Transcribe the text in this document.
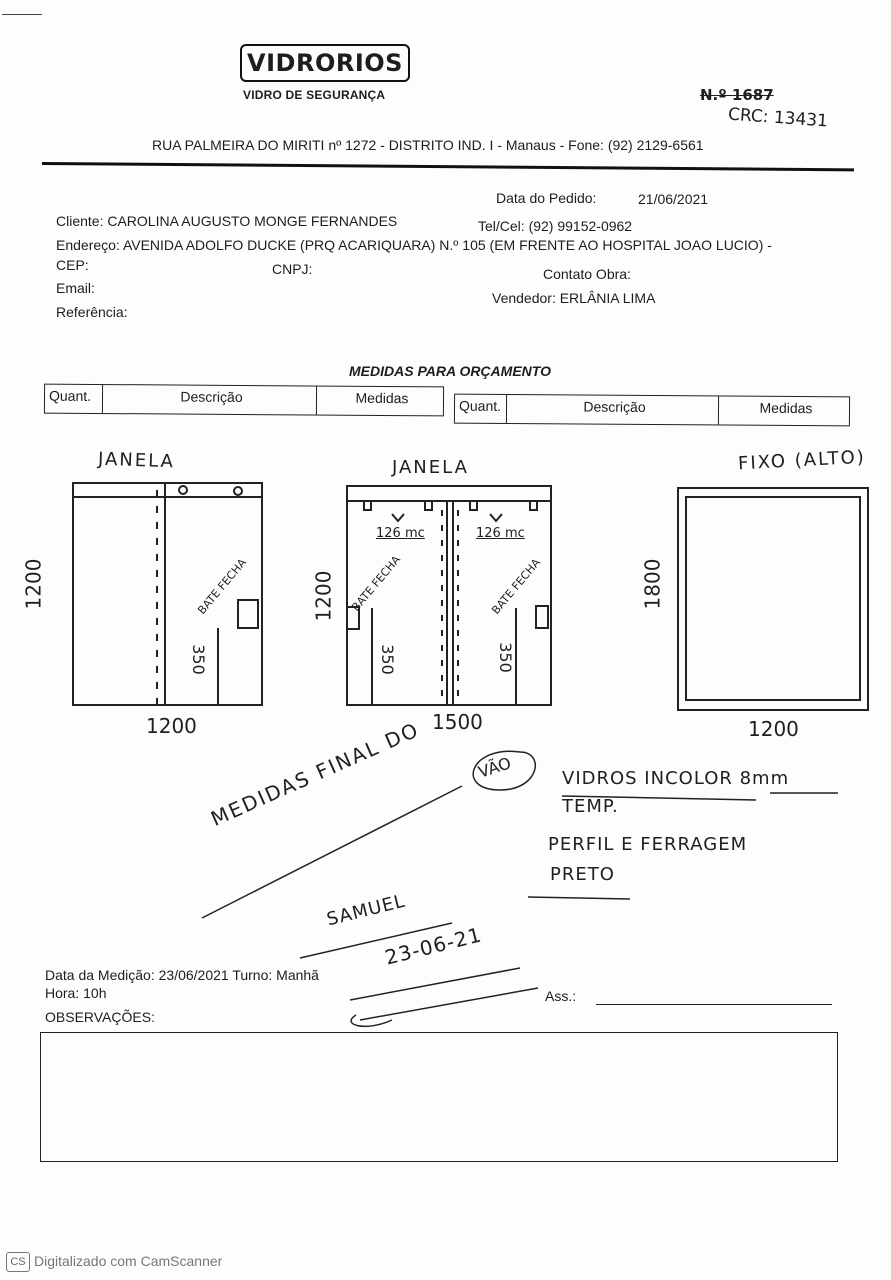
VIDRORIOS
VIDRO DE SEGURANÇA	N.º 1687
CRC: 13431
RUA PALMEIRA DO MIRITI nº 1272 - DISTRITO IND. I - Manaus - Fone: (92) 2129-6561
Data do Pedido:	21/06/2021
Cliente: CAROLINA AUGUSTO MONGE FERNANDES	Tel/Cel: (92) 99152-0962
Endereço: AVENIDA ADOLFO DUCKE (PRQ ACARIQUARA) N.º 105 (EM FRENTE AO HOSPITAL JOAO LUCIO) -
CEP:	CNPJ:	Contato Obra:
Email:
Vendedor: ERLÂNIA LIMA
Referência:
MEDIDAS PARA ORÇAMENTO
Quant.	Descrição	Medidas	Quant.	Descrição	Medidas
JANELA
1200
1200
BATE FECHA
350
JANELA
1200
1500
BATE FECHA	BATE FECHA
350	350
126 mc	126 mc
FIXO (ALTO)
1800
1200
MEDIDAS FINAL DO	VÃO	VIDROS INCOLOR 8mm
TEMP.
PERFIL E FERRAGEM
PRETO
SAMUEL
23-06-21
Data da Medição: 23/06/2021 Turno: Manhã
Hora: 10h
OBSERVAÇÕES:
Ass.:
CS Digitalizado com CamScanner
